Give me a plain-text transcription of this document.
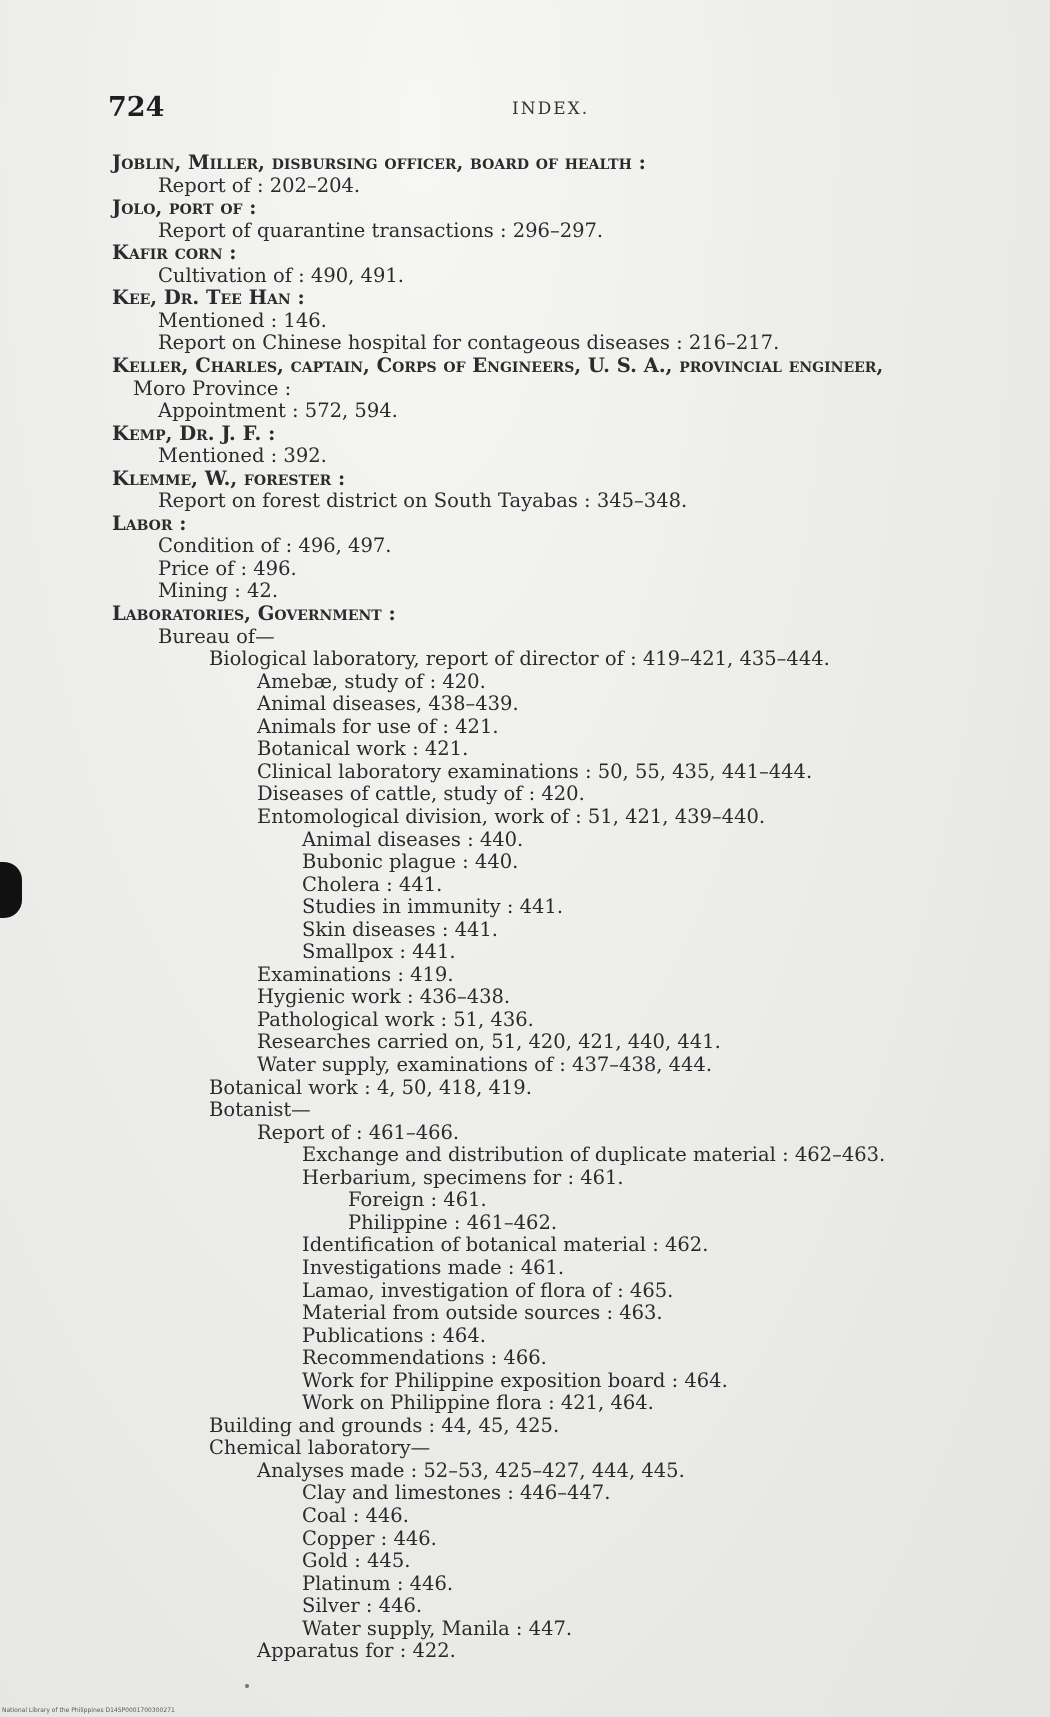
724	INDEX.
Joblin, Miller, disbursing officer, board of health :
Report of : 202–204.
Jolo, port of :
Report of quarantine transactions : 296–297.
Kafir corn :
Cultivation of : 490, 491.
Kee, Dr. Tee Han :
Mentioned : 146.
Report on Chinese hospital for contageous diseases : 216–217.
Keller, Charles, captain, Corps of Engineers, U. S. A., provincial engineer,
Moro Province :
Appointment : 572, 594.
Kemp, Dr. J. F. :
Mentioned : 392.
Klemme, W., forester :
Report on forest district on South Tayabas : 345–348.
Labor :
Condition of : 496, 497.
Price of : 496.
Mining : 42.
Laboratories, Government :
Bureau of—
Biological laboratory, report of director of : 419–421, 435–444.
Amebæ, study of : 420.
Animal diseases, 438–439.
Animals for use of : 421.
Botanical work : 421.
Clinical laboratory examinations : 50, 55, 435, 441–444.
Diseases of cattle, study of : 420.
Entomological division, work of : 51, 421, 439–440.
Animal diseases : 440.
Bubonic plague : 440.
Cholera : 441.
Studies in immunity : 441.
Skin diseases : 441.
Smallpox : 441.
Examinations : 419.
Hygienic work : 436–438.
Pathological work : 51, 436.
Researches carried on, 51, 420, 421, 440, 441.
Water supply, examinations of : 437–438, 444.
Botanical work : 4, 50, 418, 419.
Botanist—
Report of : 461–466.
Exchange and distribution of duplicate material : 462–463.
Herbarium, specimens for : 461.
Foreign : 461.
Philippine : 461–462.
Identification of botanical material : 462.
Investigations made : 461.
Lamao, investigation of flora of : 465.
Material from outside sources : 463.
Publications : 464.
Recommendations : 466.
Work for Philippine exposition board : 464.
Work on Philippine flora : 421, 464.
Building and grounds : 44, 45, 425.
Chemical laboratory—
Analyses made : 52–53, 425–427, 444, 445.
Clay and limestones : 446–447.
Coal : 446.
Copper : 446.
Gold : 445.
Platinum : 446.
Silver : 446.
Water supply, Manila : 447.
Apparatus for : 422.
National Library of the Philippines D14SP0001700300271
